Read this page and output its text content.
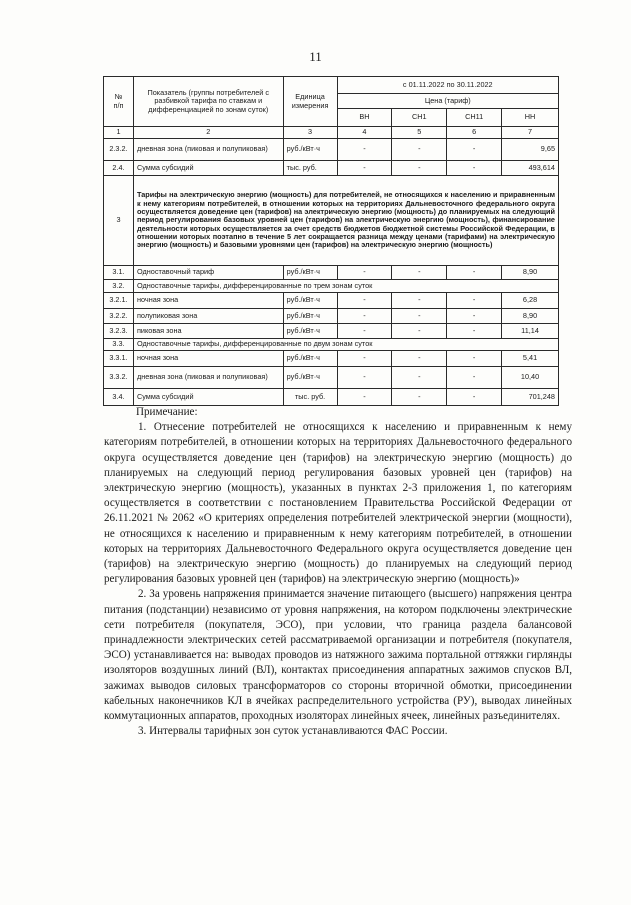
11
№
п/п	Показатель (группы потребителей с разбивкой тарифа по ставкам и дифференциацией по зонам суток)	Единица измерения	с 01.11.2022 по 30.11.2022			
			Цена (тариф)			
			ВН	СН1	СН11	НН
1	2	3	4	5	6	7
2.3.2.	дневная зона (пиковая и полупиковая)	руб./кВт·ч	-	-	-	9,65
2.4.	Сумма субсидий	тыс. руб.	-	-	-	493,614
3	Тарифы на электрическую энергию (мощность) для потребителей, не относящихся к населению и приравненным к нему категориям потребителей, в отношении которых на территориях Дальневосточного федерального округа осуществляется доведение цен (тарифов) на электрическую энергию (мощность) до планируемых на следующий период регулирования базовых уровней цен (тарифов) на электрическую энергию (мощность), финансирование деятельности которых осуществляется за счет средств бюджетов бюджетной системы Российской Федерации, в отношении которых поэтапно в течение 5 лет сокращается разница между ценами (тарифами) на электрическую энергию (мощность) и базовыми уровнями цен (тарифов) на электрическую энергию (мощность)					
3.1.	Одноставочный тариф	руб./кВт·ч	-	-	-	8,90
3.2.	Одноставочные тарифы, дифференцированные по трем зонам суток					
3.2.1.	ночная зона	руб./кВт·ч	-	-	-	6,28
3.2.2.	полупиковая зона	руб./кВт·ч	-	-	-	8,90
3.2.3.	пиковая зона	руб./кВт·ч	-	-	-	11,14
3.3.	Одноставочные тарифы, дифференцированные по двум зонам суток					
3.3.1.	ночная зона	руб./кВт·ч	-	-	-	5,41
3.3.2.	дневная зона (пиковая и полупиковая)	руб./кВт·ч	-	-	-	10,40
3.4.	Сумма субсидий	тыс. руб.	-	-	-	701,248

Примечание:

1. Отнесение потребителей не относящихся к населению и приравненным к нему категориям потребителей, в отношении которых на территориях Дальневосточного федерального округа осуществляется доведение цен (тарифов) на электрическую энергию (мощность) до планируемых на следующий период регулирования базовых уровней цен (тарифов) на электрическую энергию (мощность), указанных в пунктах 2-3 приложения 1, по категориям осуществляется в соответствии с постановлением Правительства Российской Федерации от 26.11.2021 № 2062 «О критериях определения потребителей электрической энергии (мощности), не относящихся к населению и приравненным к нему категориям потребителей, в отношении которых на территориях Дальневосточного Федерального округа осуществляется доведение цен (тарифов) на электрическую энергию (мощность) до планируемых на следующий период регулирования базовых уровней цен (тарифов) на электрическую энергию (мощность)»

2. За уровень напряжения принимается значение питающего (высшего) напряжения центра питания (подстанции) независимо от уровня напряжения, на котором подключены электрические сети потребителя (покупателя, ЭСО), при условии, что граница раздела балансовой принадлежности электрических сетей рассматриваемой организации и потребителя (покупателя, ЭСО) устанавливается на: выводах проводов из натяжного зажима портальной оттяжки гирлянды изоляторов воздушных линий (ВЛ), контактах присоединения аппаратных зажимов спусков ВЛ, зажимах выводов силовых трансформаторов со стороны вторичной обмотки, присоединении кабельных наконечников КЛ в ячейках распределительного устройства (РУ), выводах линейных коммутационных аппаратов, проходных изоляторах линейных ячеек, линейных разъединителях.

3. Интервалы тарифных зон суток устанавливаются ФАС России.
